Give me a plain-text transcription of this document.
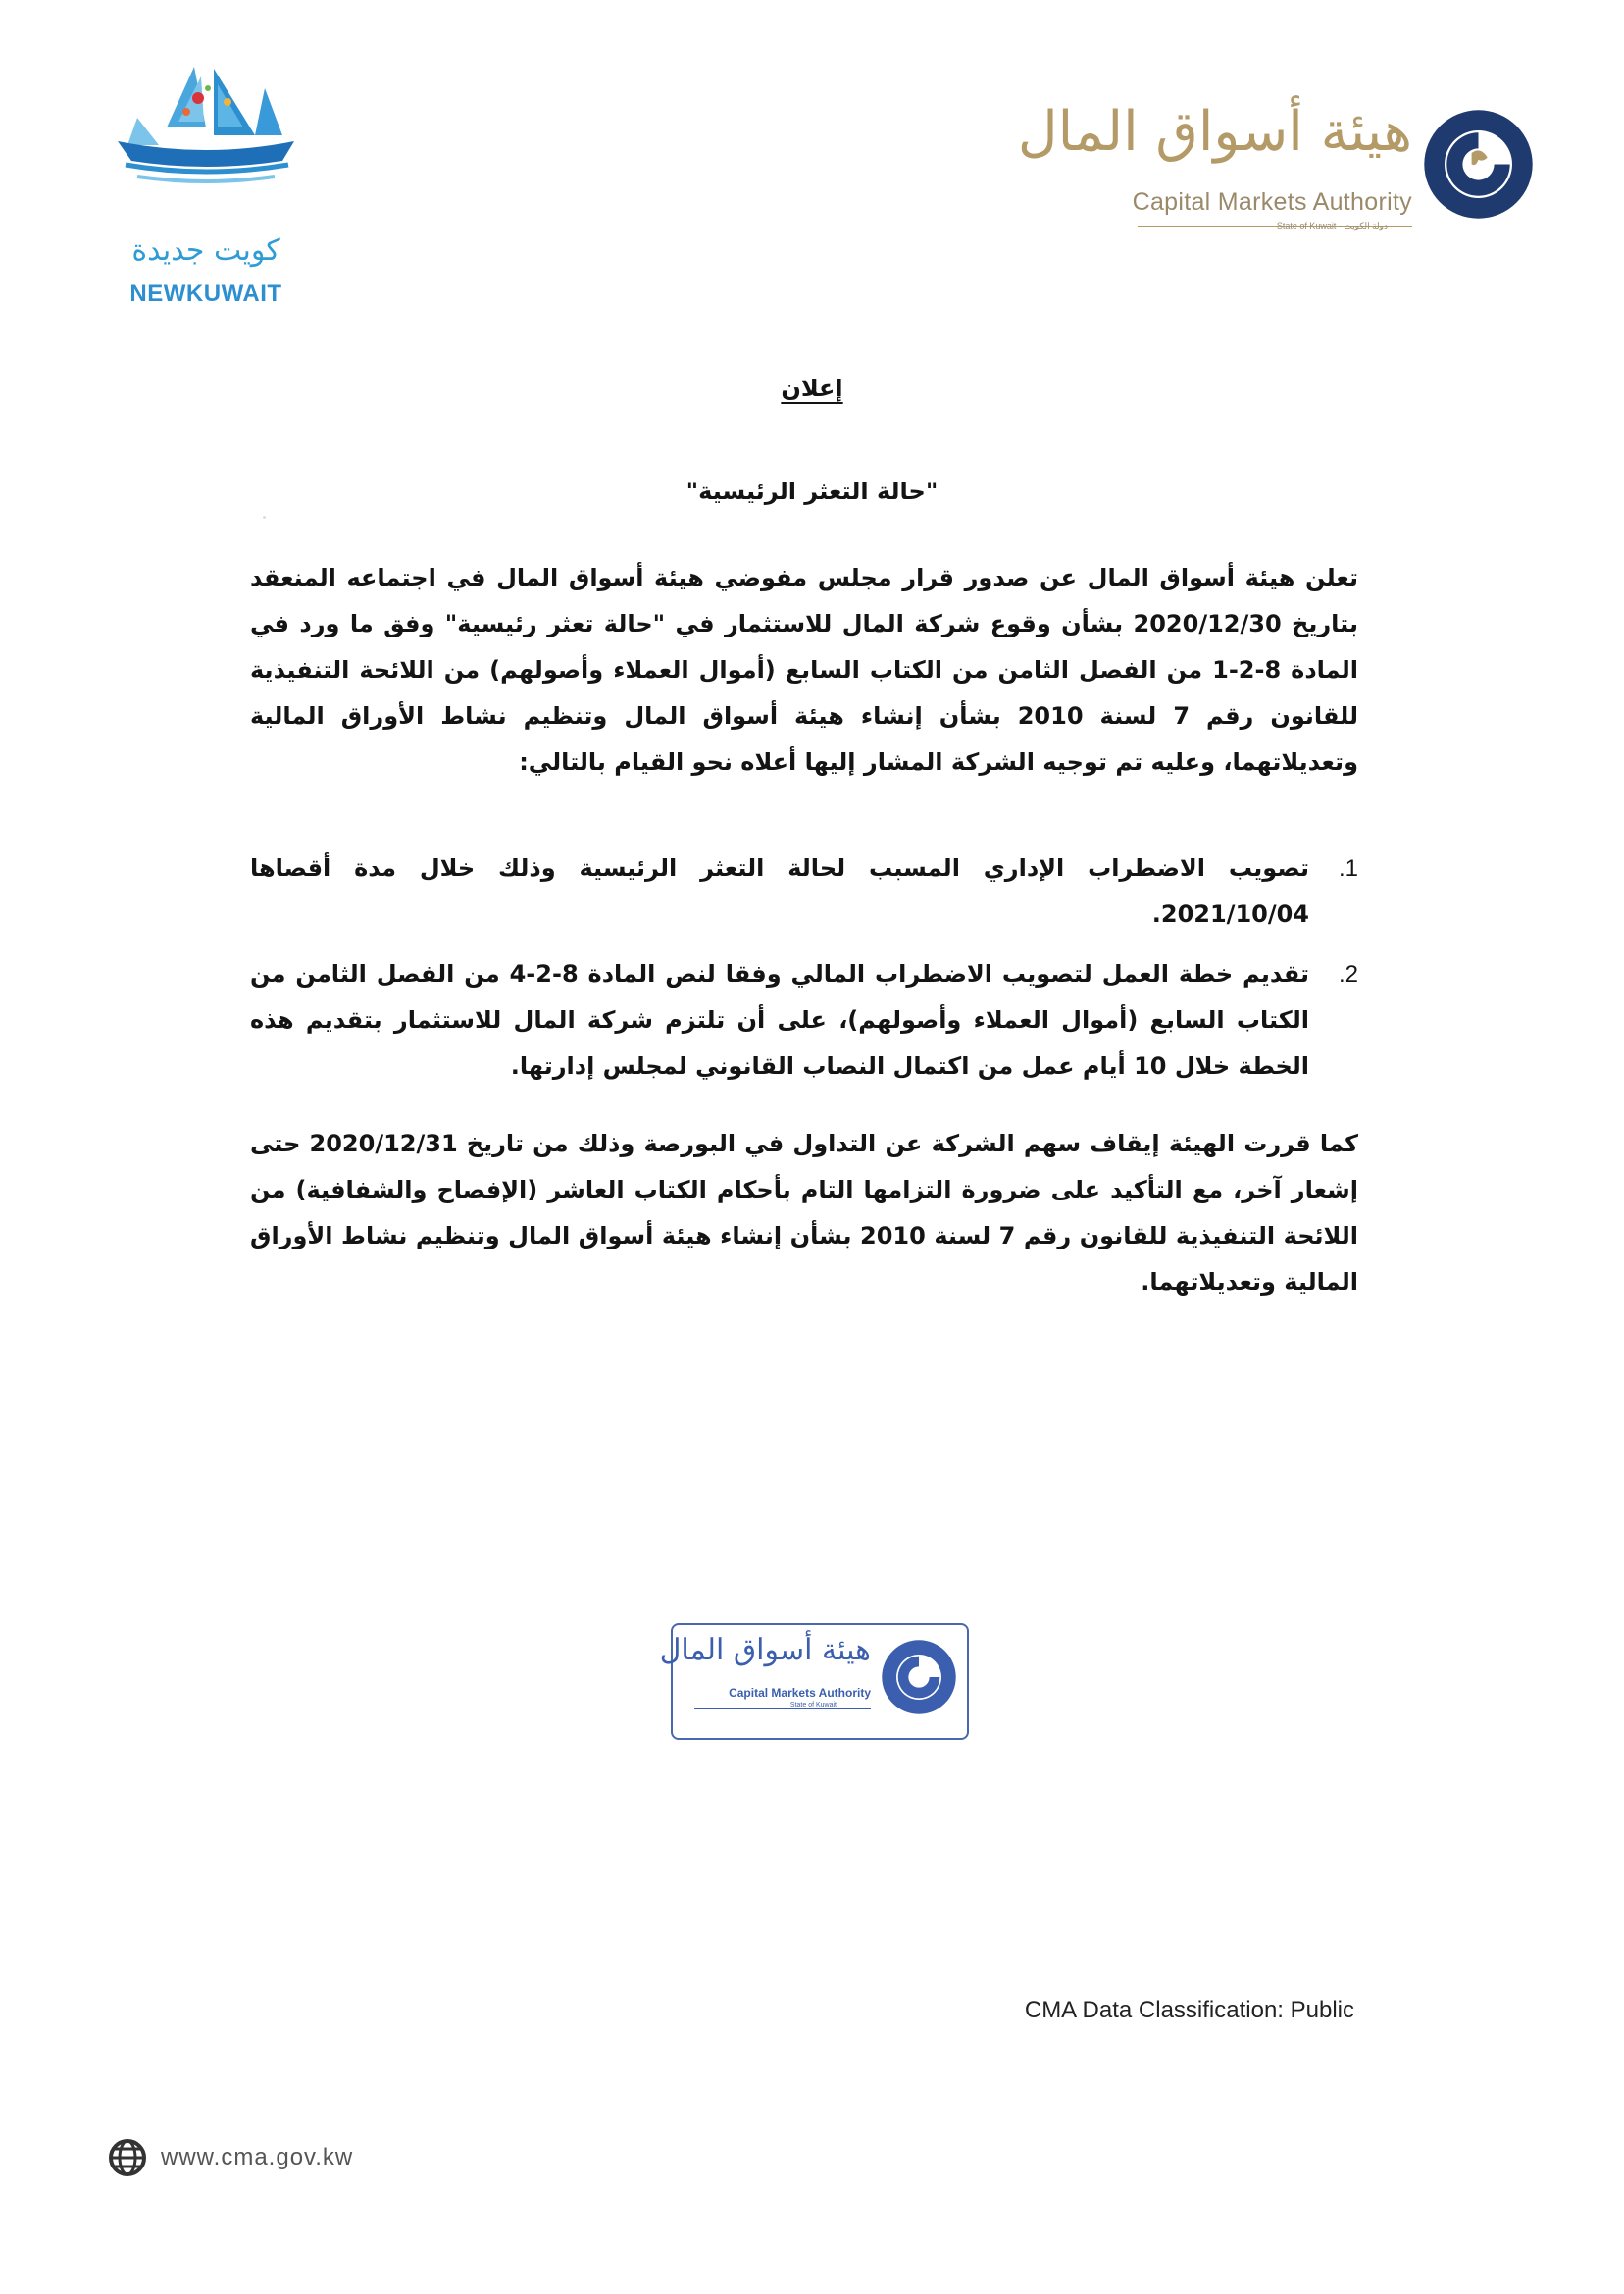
كويت جديدة
NEWKUWAIT
هيئة أسواق المال
Capital Markets Authority
State of Kuwait · دولة الكويت
إعلان
"حالة التعثر الرئيسية"

تعلن هيئة أسواق المال عن صدور قرار مجلس مفوضي هيئة أسواق المال في اجتماعه المنعقد بتاريخ 2020/12/30 بشأن وقوع شركة المال للاستثمار في "حالة تعثر رئيسية" وفق ما ورد في المادة 8-2-1 من الفصل الثامن من الكتاب السابع (أموال العملاء وأصولهم) من اللائحة التنفيذية للقانون رقم 7 لسنة 2010 بشأن إنشاء هيئة أسواق المال وتنظيم نشاط الأوراق المالية وتعديلاتهما، وعليه تم توجيه الشركة المشار إليها أعلاه نحو القيام بالتالي:

1.
تصويب الاضطراب الإداري المسبب لحالة التعثر الرئيسية وذلك خلال مدة أقصاها 2021/10/04.
2.
تقديم خطة العمل لتصويب الاضطراب المالي وفقا لنص المادة 8-2-4 من الفصل الثامن من الكتاب السابع (أموال العملاء وأصولهم)، على أن تلتزم شركة المال للاستثمار بتقديم هذه الخطة خلال 10 أيام عمل من اكتمال النصاب القانوني لمجلس إدارتها.

كما قررت الهيئة إيقاف سهم الشركة عن التداول في البورصة وذلك من تاريخ 2020/12/31 حتى إشعار آخر، مع التأكيد على ضرورة التزامها التام بأحكام الكتاب العاشر (الإفصاح والشفافية) من اللائحة التنفيذية للقانون رقم 7 لسنة 2010 بشأن إنشاء هيئة أسواق المال وتنظيم نشاط الأوراق المالية وتعديلاتهما.

هيئة أسواق المال
Capital Markets Authority
State of Kuwait
CMA Data Classification: Public
www.cma.gov.kw
